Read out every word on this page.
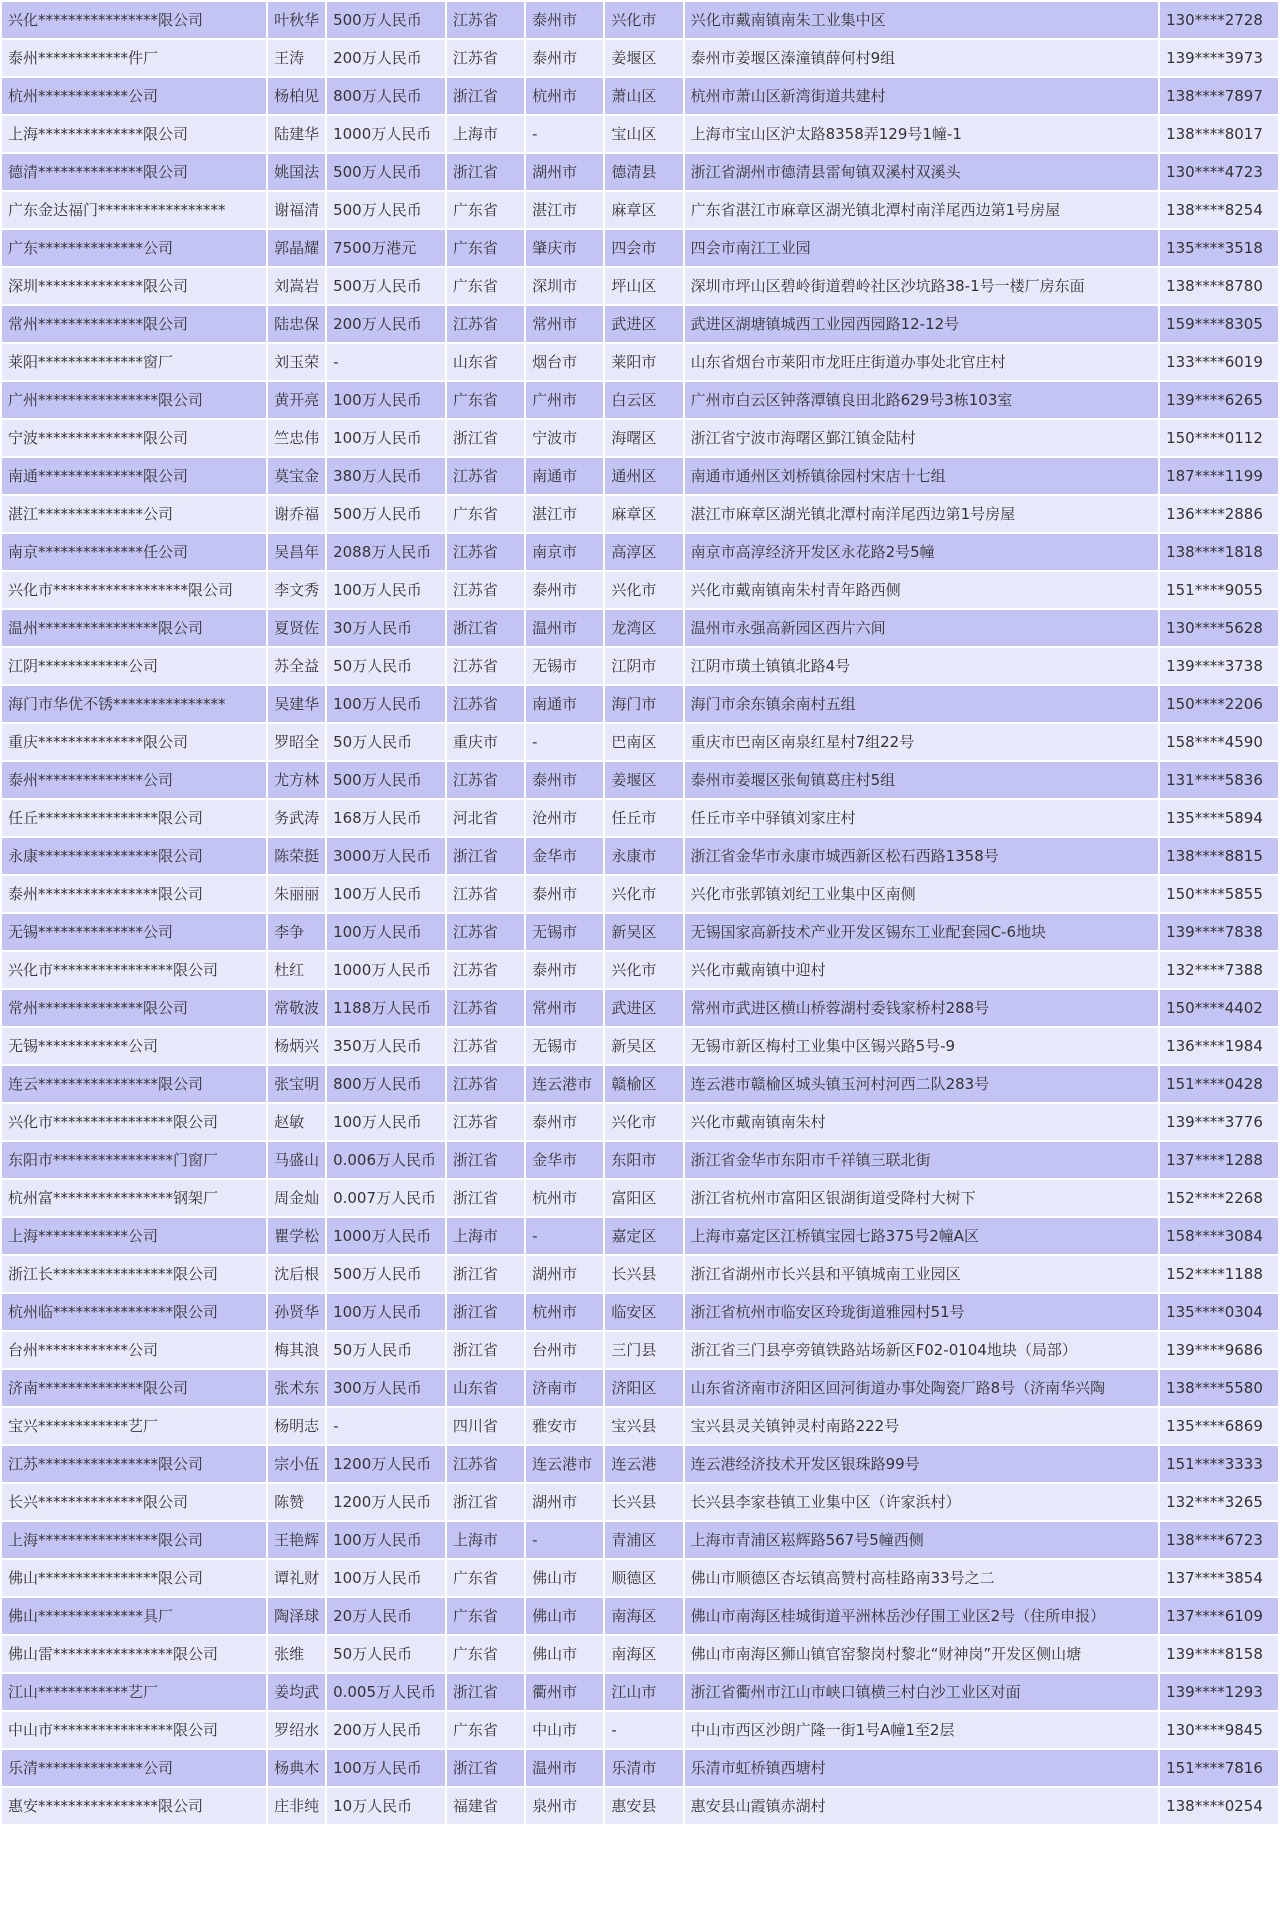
兴化****************限公司	叶秋华	500万人民币	江苏省	泰州市	兴化市	兴化市戴南镇南朱工业集中区	130****2728
泰州************件厂	王涛	200万人民币	江苏省	泰州市	姜堰区	泰州市姜堰区溱潼镇薛何村9组	139****3973
杭州************公司	杨柏见	800万人民币	浙江省	杭州市	萧山区	杭州市萧山区新湾街道共建村	138****7897
上海**************限公司	陆建华	1000万人民币	上海市	-	宝山区	上海市宝山区沪太路8358弄129号1幢-1	138****8017
德清**************限公司	姚国法	500万人民币	浙江省	湖州市	德清县	浙江省湖州市德清县雷甸镇双溪村双溪头	130****4723
广东金达福门*****************	谢福清	500万人民币	广东省	湛江市	麻章区	广东省湛江市麻章区湖光镇北潭村南洋尾西边第1号房屋	138****8254
广东**************公司	郭晶耀	7500万港元	广东省	肇庆市	四会市	四会市南江工业园	135****3518
深圳**************限公司	刘嵩岩	500万人民币	广东省	深圳市	坪山区	深圳市坪山区碧岭街道碧岭社区沙坑路38-1号一楼厂房东面	138****8780
常州**************限公司	陆忠保	200万人民币	江苏省	常州市	武进区	武进区湖塘镇城西工业园西园路12-12号	159****8305
莱阳**************窗厂	刘玉荣	-	山东省	烟台市	莱阳市	山东省烟台市莱阳市龙旺庄街道办事处北官庄村	133****6019
广州****************限公司	黄开亮	100万人民币	广东省	广州市	白云区	广州市白云区钟落潭镇良田北路629号3栋103室	139****6265
宁波**************限公司	竺忠伟	100万人民币	浙江省	宁波市	海曙区	浙江省宁波市海曙区鄞江镇金陆村	150****0112
南通**************限公司	莫宝金	380万人民币	江苏省	南通市	通州区	南通市通州区刘桥镇徐园村宋店十七组	187****1199
湛江**************公司	谢乔福	500万人民币	广东省	湛江市	麻章区	湛江市麻章区湖光镇北潭村南洋尾西边第1号房屋	136****2886
南京**************任公司	吴昌年	2088万人民币	江苏省	南京市	高淳区	南京市高淳经济开发区永花路2号5幢	138****1818
兴化市******************限公司	李文秀	100万人民币	江苏省	泰州市	兴化市	兴化市戴南镇南朱村青年路西侧	151****9055
温州****************限公司	夏贤佐	30万人民币	浙江省	温州市	龙湾区	温州市永强高新园区西片六间	130****5628
江阴************公司	苏全益	50万人民币	江苏省	无锡市	江阴市	江阴市璜土镇镇北路4号	139****3738
海门市华优不锈***************	吴建华	100万人民币	江苏省	南通市	海门市	海门市余东镇余南村五组	150****2206
重庆**************限公司	罗昭全	50万人民币	重庆市	-	巴南区	重庆市巴南区南泉红星村7组22号	158****4590
泰州**************公司	尤方林	500万人民币	江苏省	泰州市	姜堰区	泰州市姜堰区张甸镇葛庄村5组	131****5836
任丘****************限公司	务武涛	168万人民币	河北省	沧州市	任丘市	任丘市辛中驿镇刘家庄村	135****5894
永康****************限公司	陈荣挺	3000万人民币	浙江省	金华市	永康市	浙江省金华市永康市城西新区松石西路1358号	138****8815
泰州****************限公司	朱丽丽	100万人民币	江苏省	泰州市	兴化市	兴化市张郭镇刘纪工业集中区南侧	150****5855
无锡**************公司	李争	100万人民币	江苏省	无锡市	新吴区	无锡国家高新技术产业开发区锡东工业配套园C-6地块	139****7838
兴化市****************限公司	杜红	1000万人民币	江苏省	泰州市	兴化市	兴化市戴南镇中迎村	132****7388
常州**************限公司	常敬波	1188万人民币	江苏省	常州市	武进区	常州市武进区横山桥蓉湖村委钱家桥村288号	150****4402
无锡************公司	杨炳兴	350万人民币	江苏省	无锡市	新吴区	无锡市新区梅村工业集中区锡兴路5号-9	136****1984
连云****************限公司	张宝明	800万人民币	江苏省	连云港市	赣榆区	连云港市赣榆区城头镇玉河村河西二队283号	151****0428
兴化市****************限公司	赵敏	100万人民币	江苏省	泰州市	兴化市	兴化市戴南镇南朱村	139****3776
东阳市****************门窗厂	马盛山	0.006万人民币	浙江省	金华市	东阳市	浙江省金华市东阳市千祥镇三联北街	137****1288
杭州富****************钢架厂	周金灿	0.007万人民币	浙江省	杭州市	富阳区	浙江省杭州市富阳区银湖街道受降村大树下	152****2268
上海************公司	瞿学松	1000万人民币	上海市	-	嘉定区	上海市嘉定区江桥镇宝园七路375号2幢A区	158****3084
浙江长****************限公司	沈后根	500万人民币	浙江省	湖州市	长兴县	浙江省湖州市长兴县和平镇城南工业园区	152****1188
杭州临****************限公司	孙贤华	100万人民币	浙江省	杭州市	临安区	浙江省杭州市临安区玲珑街道雅园村51号	135****0304
台州************公司	梅其浪	50万人民币	浙江省	台州市	三门县	浙江省三门县亭旁镇铁路站场新区F02-0104地块（局部）	139****9686
济南**************限公司	张术东	300万人民币	山东省	济南市	济阳区	山东省济南市济阳区回河街道办事处陶瓷厂路8号（济南华兴陶	138****5580
宝兴************艺厂	杨明志	-	四川省	雅安市	宝兴县	宝兴县灵关镇钟灵村南路222号	135****6869
江苏****************限公司	宗小伍	1200万人民币	江苏省	连云港市	连云港	连云港经济技术开发区银珠路99号	151****3333
长兴**************限公司	陈赞	1200万人民币	浙江省	湖州市	长兴县	长兴县李家巷镇工业集中区（许家浜村）	132****3265
上海****************限公司	王艳辉	100万人民币	上海市	-	青浦区	上海市青浦区崧辉路567号5幢西侧	138****6723
佛山****************限公司	谭礼财	100万人民币	广东省	佛山市	顺德区	佛山市顺德区杏坛镇高赞村高桂路南33号之二	137****3854
佛山**************具厂	陶泽球	20万人民币	广东省	佛山市	南海区	佛山市南海区桂城街道平洲林岳沙仔围工业区2号（住所申报）	137****6109
佛山雷****************限公司	张维	50万人民币	广东省	佛山市	南海区	佛山市南海区狮山镇官窑黎岗村黎北“财神岗”开发区侧山塘	139****8158
江山************艺厂	姜均武	0.005万人民币	浙江省	衢州市	江山市	浙江省衢州市江山市峡口镇横三村白沙工业区对面	139****1293
中山市****************限公司	罗绍水	200万人民币	广东省	中山市	-	中山市西区沙朗广隆一街1号A幢1至2层	130****9845
乐清**************公司	杨典木	100万人民币	浙江省	温州市	乐清市	乐清市虹桥镇西塘村	151****7816
惠安****************限公司	庄非纯	10万人民币	福建省	泉州市	惠安县	惠安县山霞镇赤湖村	138****0254
